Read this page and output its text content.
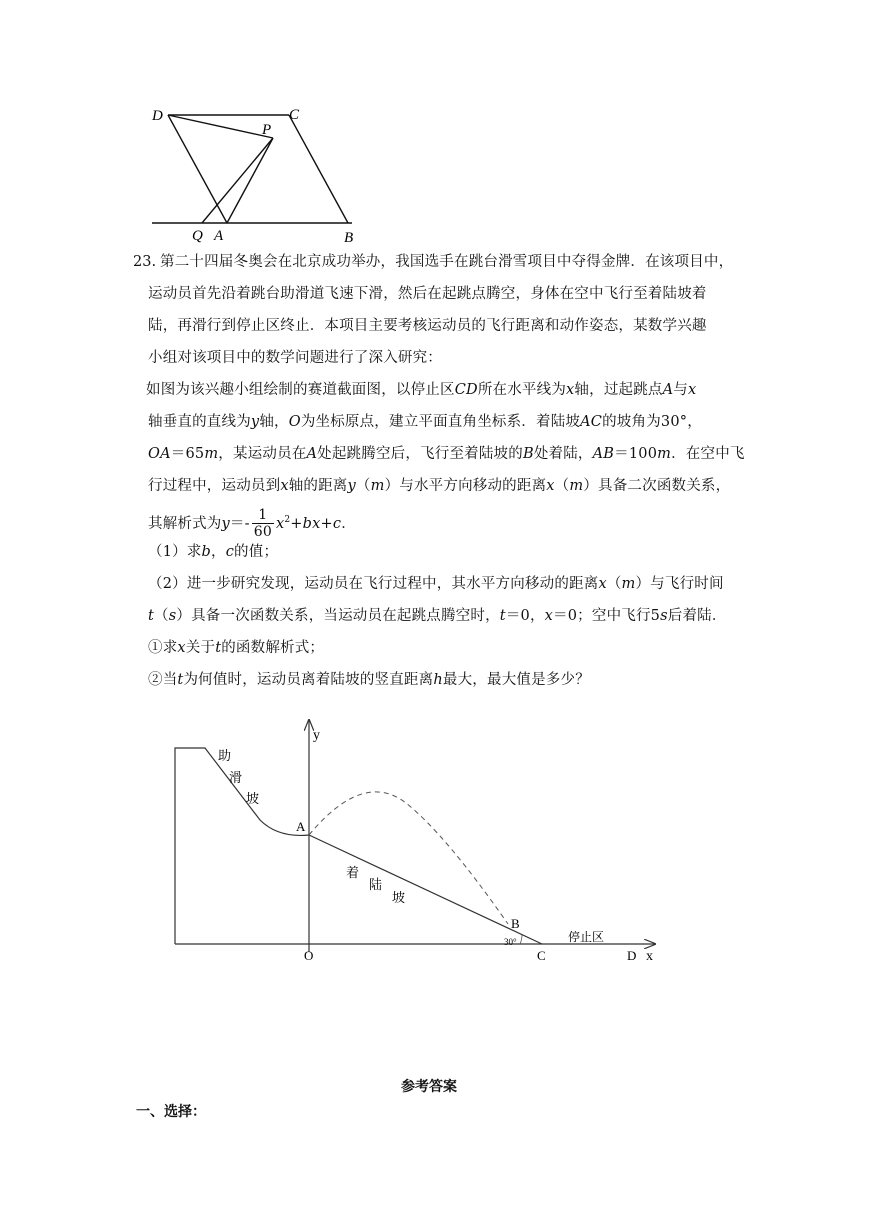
D	C
P
Q A	B
23. 第二十四届冬奥会在北京成功举办，我国选手在跳台滑雪项目中夺得金牌．在该项目中，
运动员首先沿着跳台助滑道飞速下滑，然后在起跳点腾空，身体在空中飞行至着陆坡着
陆，再滑行到停止区终止．本项目主要考核运动员的飞行距离和动作姿态，某数学兴趣
小组对该项目中的数学问题进行了深入研究：
如图为该兴趣小组绘制的赛道截面图，以停止区CD所在水平线为x轴，过起跳点A与x
轴垂直的直线为y轴，O为坐标原点，建立平面直角坐标系．着陆坡AC的坡角为30°，
OA＝65m，某运动员在A处起跳腾空后，飞行至着陆坡的B处着陆，AB＝100m．在空中飞
行过程中，运动员到x轴的距离y（m）与水平方向移动的距离x（m）具备二次函数关系，
其解析式为$y=- \frac{1}{60} x^2+bx+c$．
（1）求b，c的值；
（2）进一步研究发现，运动员在飞行过程中，其水平方向移动的距离x（m）与飞行时间
t（s）具备一次函数关系，当运动员在起跳点腾空时，t＝0，x＝0；空中飞行5s后着陆．
①求x关于t的函数解析式；
②当t为何值时，运动员离着陆坡的竖直距离h最大，最大值是多少？
y
x
O
A
B
C	D
助
滑
坡
着
陆
坡
30°	停止区
参考答案
一、选择：
